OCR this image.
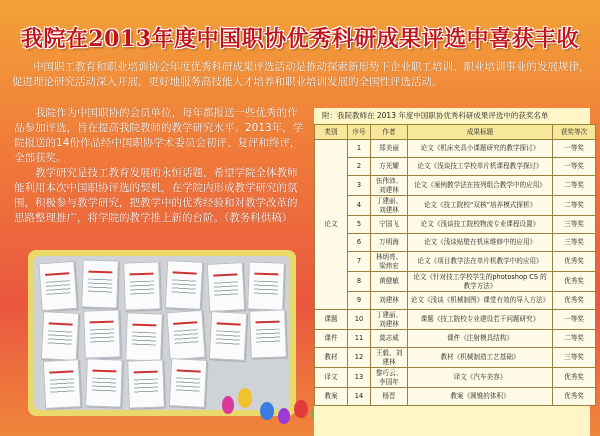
我院在2013年度中国职协优秀科研成果评选中喜获丰收
中国职工教育和职业培训协会年度优秀科研成果评选活动是推动探索新形势下企业职工培训、职业培训事业的发展规律，促进理论研究活动深入开展，更好地服务高技能人才培养和职业培训发展的全国性评选活动。
我院作为中国职协的会员单位，每年都报送一些优秀的作品参加评选，旨在提高我院教师的教学研究水平。2013年，学院报送的14份作品经中国职协学术委员会初评、复评和终评，全部获奖。
教学研究是技工教育发展的永恒话题，希望学院全体教师能利用本次中国职协评选的契机，在学院内形成教学研究的氛围，积极参与教学研究，把教学中的优秀经验和对教学改革的思路整理推广，将学院的教学推上新的台阶。（教务科供稿）
附：我院教师在 2013 年度中国职协优秀科研成果评选中的获奖名单
类别	序号	作者	成果标题	获奖等次
论文	1	郑美丽	论文《机床夹具小课题研究的教学探讨》	一等奖
	2	方光耀	论文《浅谈技工学校单片机课程教学探讨》	一等奖
	3	伍伟沛、刘建林	论文《案例教学法在按列组合教学中的应用》	二等奖
	4	丁建丽、刘建林	论文《技工院校“双核”培养模式探析》	二等奖
	5	宁国飞	论文《浅谈技工院校物流专业课程设置》	三等奖
	6	万明海	论文《浅谈贴壁在机床维修中的应用》	三等奖
	7	林炳亮、梁炜宏	论文《项目教学法在单片机教学中的应用》	优秀奖
	8	黄健敏	论文《针对技工学校学生的photoshop CS 的教学方法》	优秀奖
	9	刘建林	论文《浅谈《机械制图》课堂有效的导入方法》	优秀奖
课题	10	丁建丽、刘建林	课题《技工院校专业建设若干问题研究》	一等奖
课件	11	莫志威	课件《注射模具结构》	二等奖
教材	12	王毅、刘建林	教材《机械制造工艺基础》	三等奖
译文	13	黎巧云、李国年	译文《汽车美容》	优秀奖
教案	14	杨晋	教案《圆锥的体积》	优秀奖
